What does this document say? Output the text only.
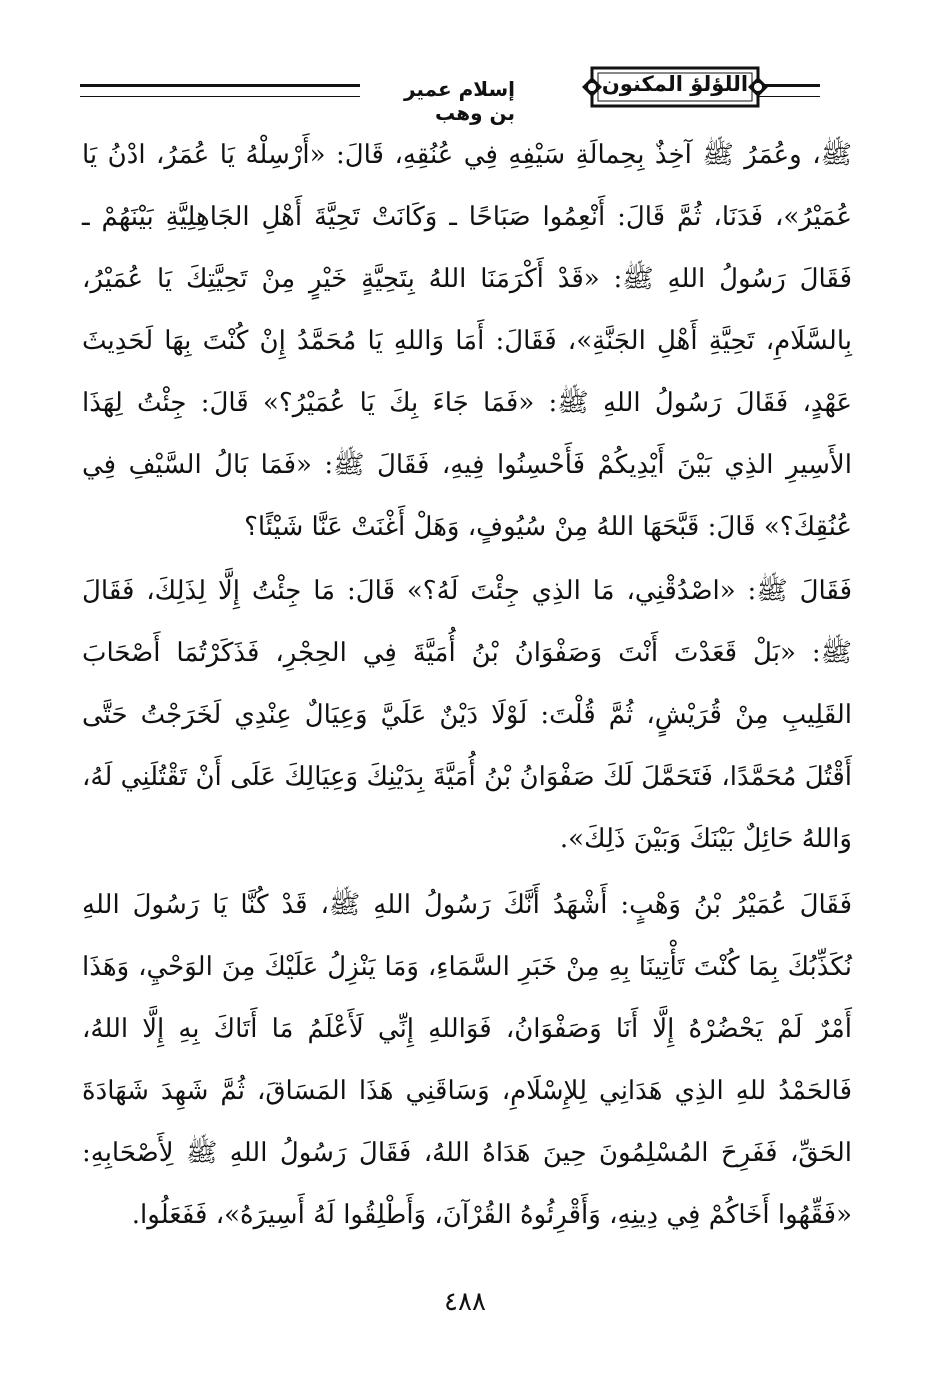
اللؤلؤ المكنون
إسلام عمير بن وهب
ﷺ، وعُمَرُ ﷺ آخِذٌ بِحِمالَةِ سَيْفِهِ فِي عُنُقِهِ، قَالَ: «أَرْسِلْهُ يَا عُمَرُ، ادْنُ يَا عُمَيْرُ»، فَدَنَا، ثُمَّ قَالَ: أَنْعِمُوا صَبَاحًا ـ وَكَانَتْ تَحِيَّةَ أَهْلِ الجَاهِلِيَّةِ بَيْنَهُمْ ـ فَقَالَ رَسُولُ اللهِ ﷺ: «قَدْ أَكْرَمَنَا اللهُ بِتَحِيَّةٍ خَيْرٍ مِنْ تَحِيَّتِكَ يَا عُمَيْرُ، بِالسَّلَامِ، تَحِيَّةِ أَهْلِ الجَنَّةِ»، فَقَالَ: أَمَا وَاللهِ يَا مُحَمَّدُ إِنْ كُنْتَ بِهَا لَحَدِيثَ عَهْدٍ، فَقَالَ رَسُولُ اللهِ ﷺ: «فَمَا جَاءَ بِكَ يَا عُمَيْرُ؟» قَالَ: جِئْتُ لِهَذَا الأَسِيرِ الذِي بَيْنَ أَيْدِيكُمْ فَأَحْسِنُوا فِيهِ، فَقَالَ ﷺ: «فَمَا بَالُ السَّيْفِ فِي عُنُقِكَ؟» قَالَ: قَبَّحَهَا اللهُ مِنْ سُيُوفٍ، وَهَلْ أَغْنَتْ عَنَّا شَيْئًا؟
فَقَالَ ﷺ: «اصْدُقْنِي، مَا الذِي جِئْتَ لَهُ؟» قَالَ: مَا جِئْتُ إِلَّا لِذَلِكَ، فَقَالَ ﷺ: «بَلْ قَعَدْتَ أَنْتَ وَصَفْوَانُ بْنُ أُمَيَّةَ فِي الحِجْرِ، فَذَكَرْتُمَا أَصْحَابَ القَلِيبِ مِنْ قُرَيْشٍ، ثُمَّ قُلْتَ: لَوْلَا دَيْنٌ عَلَيَّ وَعِيَالٌ عِنْدِي لَخَرَجْتُ حَتَّى أَقْتُلَ مُحَمَّدًا، فَتَحَمَّلَ لَكَ صَفْوَانُ بْنُ أُمَيَّةَ بِدَيْنِكَ وَعِيَالِكَ عَلَى أَنْ تَقْتُلَنِي لَهُ، وَاللهُ حَائِلٌ بَيْنَكَ وَبَيْنَ ذَلِكَ».
فَقَالَ عُمَيْرُ بْنُ وَهْبٍ: أَشْهَدُ أَنَّكَ رَسُولُ اللهِ ﷺ، قَدْ كُنَّا يَا رَسُولَ اللهِ نُكَذِّبُكَ بِمَا كُنْتَ تَأْتِينَا بِهِ مِنْ خَبَرِ السَّمَاءِ، وَمَا يَنْزِلُ عَلَيْكَ مِنَ الوَحْيِ، وَهَذَا أَمْرٌ لَمْ يَحْضُرْهُ إِلَّا أَنَا وَصَفْوَانُ، فَوَاللهِ إِنِّي لَأَعْلَمُ مَا أَتَاكَ بِهِ إِلَّا اللهُ، فَالحَمْدُ للهِ الذِي هَدَانِي لِلإِسْلَامِ، وَسَاقَنِي هَذَا المَسَاقَ، ثُمَّ شَهِدَ شَهَادَةَ الحَقِّ، فَفَرِحَ المُسْلِمُونَ حِينَ هَدَاهُ اللهُ، فَقَالَ رَسُولُ اللهِ ﷺ لِأَصْحَابِهِ: «فَقِّهُوا أَخَاكُمْ فِي دِينِهِ، وَأَقْرِئُوهُ القُرْآنَ، وَأَطْلِقُوا لَهُ أَسِيرَهُ»، فَفَعَلُوا.
٤٨٨
